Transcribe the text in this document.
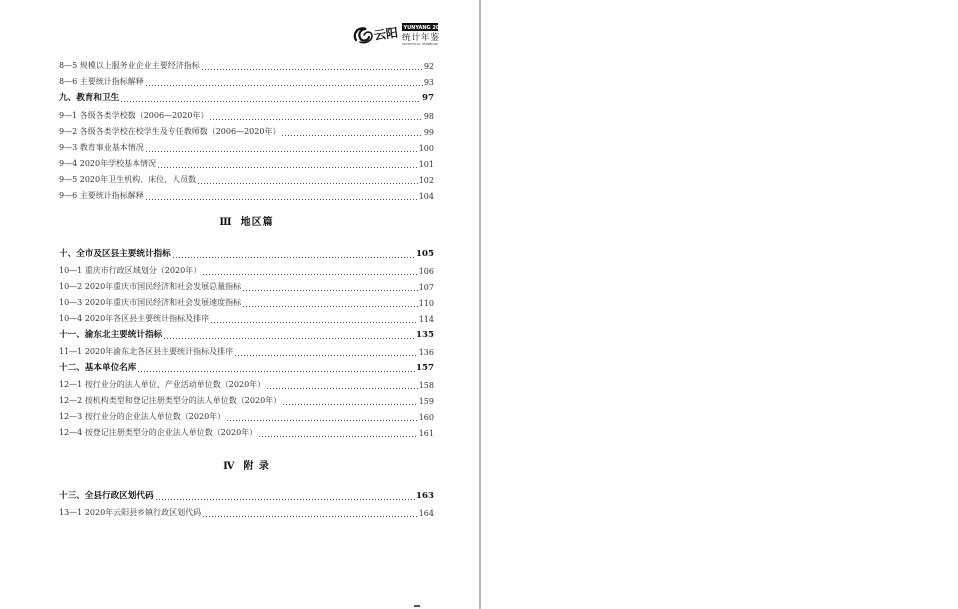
云阳 YUNYANG 2021
统计年鉴
STATISTICAL YEARBOOK
8—5 规模以上服务业企业主要经济指标	92
8—6 主要统计指标解释	93
九、教育和卫生	97
9—1 各级各类学校数（2006—2020年）	98
9—2 各级各类学校在校学生及专任教师数（2006—2020年）	99
9—3 教育事业基本情况	100
9—4 2020年学校基本情况	101
9—5 2020年卫生机构、床位、人员数	102
9—6 主要统计指标解释	104
Ⅲ 地区篇
十、全市及区县主要统计指标	105
10—1 重庆市行政区域划分（2020年）	106
10—2 2020年重庆市国民经济和社会发展总量指标	107
10—3 2020年重庆市国民经济和社会发展速度指标	110
10—4 2020年各区县主要统计指标及排序	114
十一、渝东北主要统计指标	135
11—1 2020年渝东北各区县主要统计指标及排序	136
十二、基本单位名库	157
12—1 按行业分的法人单位、产业活动单位数（2020年）	158
12—2 按机构类型和登记注册类型分的法人单位数（2020年）	159
12—3 按行业分的企业法人单位数（2020年）	160
12—4 按登记注册类型分的企业法人单位数（2020年）	161
Ⅳ 附 录
十三、全县行政区划代码	163
13—1 2020年云阳县乡镇行政区划代码	164
